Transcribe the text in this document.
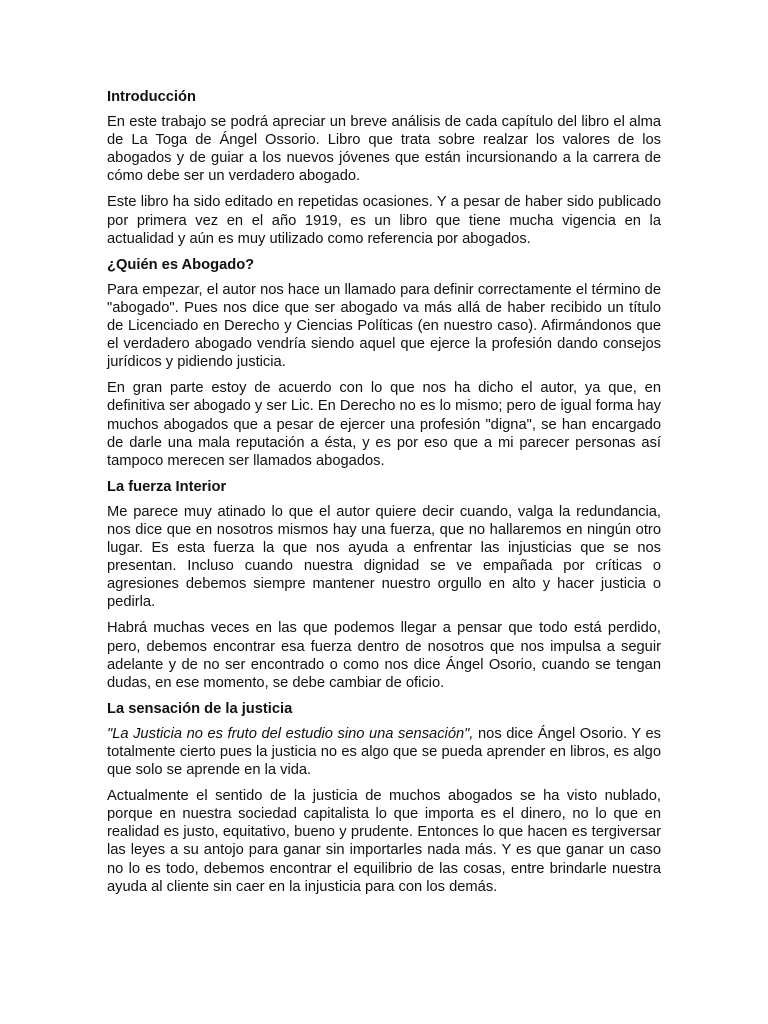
Introducción

En este trabajo se podrá apreciar un breve análisis de cada capítulo del libro el alma de La Toga de Ángel Ossorio. Libro que trata sobre realzar los valores de los abogados y de guiar a los nuevos jóvenes que están incursionando a la carrera de cómo debe ser un verdadero abogado.

Este libro ha sido editado en repetidas ocasiones. Y a pesar de haber sido publicado por primera vez en el año 1919, es un libro que tiene mucha vigencia en la actualidad y aún es muy utilizado como referencia por abogados.

¿Quién es Abogado?

Para empezar, el autor nos hace un llamado para definir correctamente el término de "abogado". Pues nos dice que ser abogado va más allá de haber recibido un título de Licenciado en Derecho y Ciencias Políticas (en nuestro caso). Afirmándonos que el verdadero abogado vendría siendo aquel que ejerce la profesión dando consejos jurídicos y pidiendo justicia.

En gran parte estoy de acuerdo con lo que nos ha dicho el autor, ya que, en definitiva ser abogado y ser Lic. En Derecho no es lo mismo; pero de igual forma hay muchos abogados que a pesar de ejercer una profesión "digna", se han encargado de darle una mala reputación a ésta, y es por eso que a mi parecer personas así tampoco merecen ser llamados abogados.

La fuerza Interior

Me parece muy atinado lo que el autor quiere decir cuando, valga la redundancia, nos dice que en nosotros mismos hay una fuerza, que no hallaremos en ningún otro lugar. Es esta fuerza la que nos ayuda a enfrentar las injusticias que se nos presentan. Incluso cuando nuestra dignidad se ve empañada por críticas o agresiones debemos siempre mantener nuestro orgullo en alto y hacer justicia o pedirla.

Habrá muchas veces en las que podemos llegar a pensar que todo está perdido, pero, debemos encontrar esa fuerza dentro de nosotros que nos impulsa a seguir adelante y de no ser encontrado o como nos dice Ángel Osorio, cuando se tengan dudas, en ese momento, se debe cambiar de oficio.

La sensación de la justicia

"La Justicia no es fruto del estudio sino una sensación", nos dice Ángel Osorio. Y es totalmente cierto pues la justicia no es algo que se pueda aprender en libros, es algo que solo se aprende en la vida.

Actualmente el sentido de la justicia de muchos abogados se ha visto nublado, porque en nuestra sociedad capitalista lo que importa es el dinero, no lo que en realidad es justo, equitativo, bueno y prudente. Entonces lo que hacen es tergiversar las leyes a su antojo para ganar sin importarles nada más. Y es que ganar un caso no lo es todo, debemos encontrar el equilibrio de las cosas, entre brindarle nuestra ayuda al cliente sin caer en la injusticia para con los demás.
